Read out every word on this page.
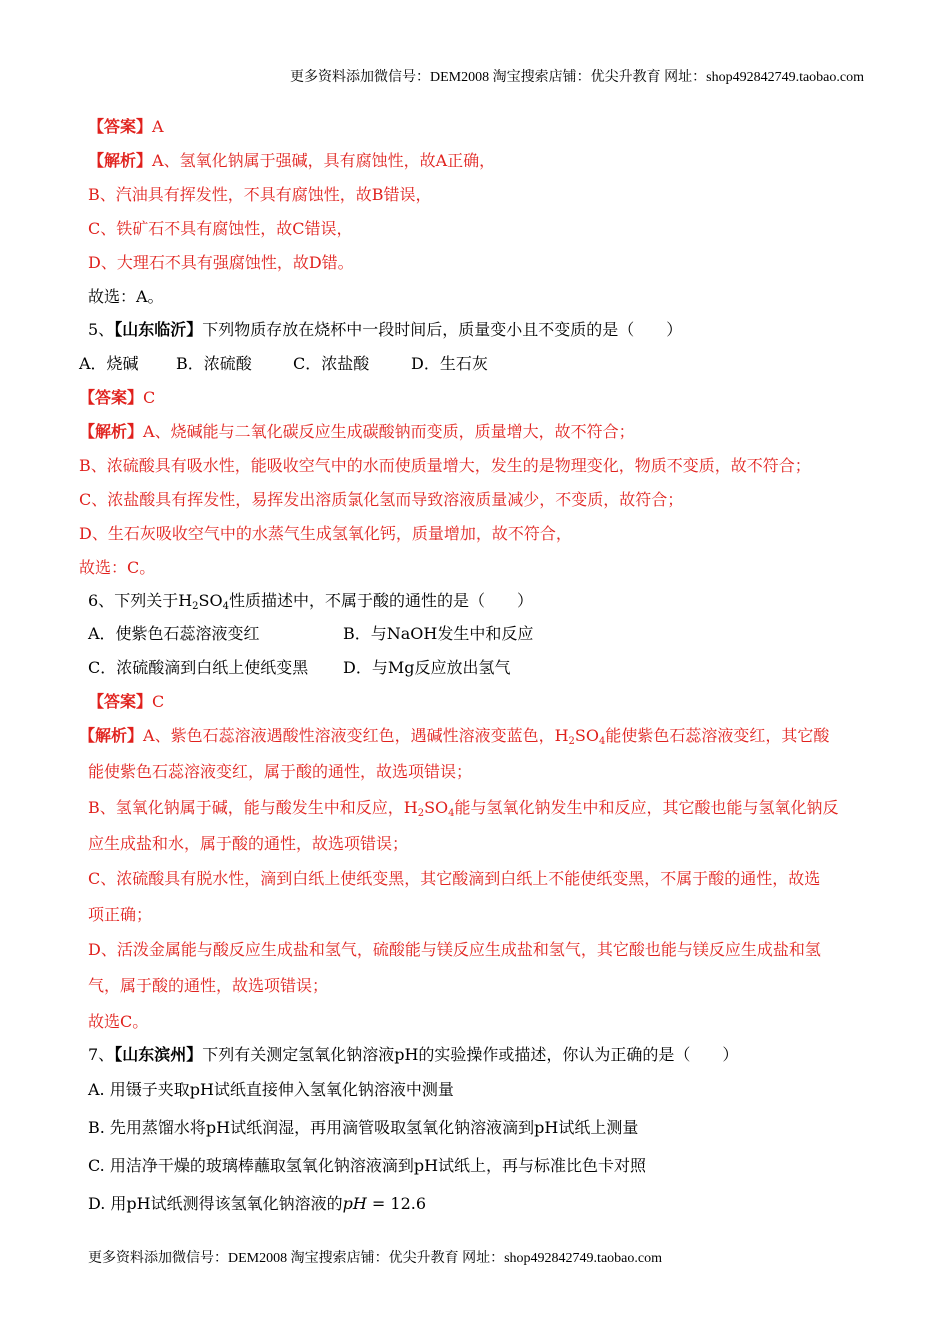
更多资料添加微信号：DEM2008 淘宝搜索店铺：优尖升教育 网址：shop492842749.taobao.com
【答案】A
【解析】A、氢氧化钠属于强碱，具有腐蚀性，故A正确，
B、汽油具有挥发性，不具有腐蚀性，故B错误，
C、铁矿石不具有腐蚀性，故C错误，
D、大理石不具有强腐蚀性，故D错。
故选：A。
5、【山东临沂】下列物质存放在烧杯中一段时间后，质量变小且不变质的是（　　）
A．烧碱 B．浓硫酸	C．浓盐酸	D．生石灰
【答案】C
【解析】A、烧碱能与二氧化碳反应生成碳酸钠而变质，质量增大，故不符合；
B、浓硫酸具有吸水性，能吸收空气中的水而使质量增大，发生的是物理变化，物质不变质，故不符合；
C、浓盐酸具有挥发性，易挥发出溶质氯化氢而导致溶液质量减少，不变质，故符合；
D、生石灰吸收空气中的水蒸气生成氢氧化钙，质量增加，故不符合，
故选：C。
6、下列关于$H_2SO_4$性质描述中，不属于酸的通性的是（　　）
A．使紫色石蕊溶液变红	B．与NaOH发生中和反应
C．浓硫酸滴到白纸上使纸变黑 D．与Mg反应放出氢气
【答案】C
【解析】A、紫色石蕊溶液遇酸性溶液变红色，遇碱性溶液变蓝色，$H_2SO_4$能使紫色石蕊溶液变红，其它酸
能使紫色石蕊溶液变红，属于酸的通性，故选项错误；
B、氢氧化钠属于碱，能与酸发生中和反应，$H_2SO_4$能与氢氧化钠发生中和反应，其它酸也能与氢氧化钠反
应生成盐和水，属于酸的通性，故选项错误；
C、浓硫酸具有脱水性，滴到白纸上使纸变黑，其它酸滴到白纸上不能使纸变黑，不属于酸的通性，故选
项正确；
D、活泼金属能与酸反应生成盐和氢气，硫酸能与镁反应生成盐和氢气，其它酸也能与镁反应生成盐和氢
气，属于酸的通性，故选项错误；
故选C。
7、【山东滨州】下列有关测定氢氧化钠溶液pH的实验操作或描述，你认为正确的是（　　）
A. 用镊子夹取pH试纸直接伸入氢氧化钠溶液中测量
B. 先用蒸馏水将pH试纸润湿，再用滴管吸取氢氧化钠溶液滴到pH试纸上测量
C. 用洁净干燥的玻璃棒蘸取氢氧化钠溶液滴到pH试纸上，再与标准比色卡对照
D. 用pH试纸测得该氢氧化钠溶液的pH = 12.6
更多资料添加微信号：DEM2008 淘宝搜索店铺：优尖升教育 网址：shop492842749.taobao.com
